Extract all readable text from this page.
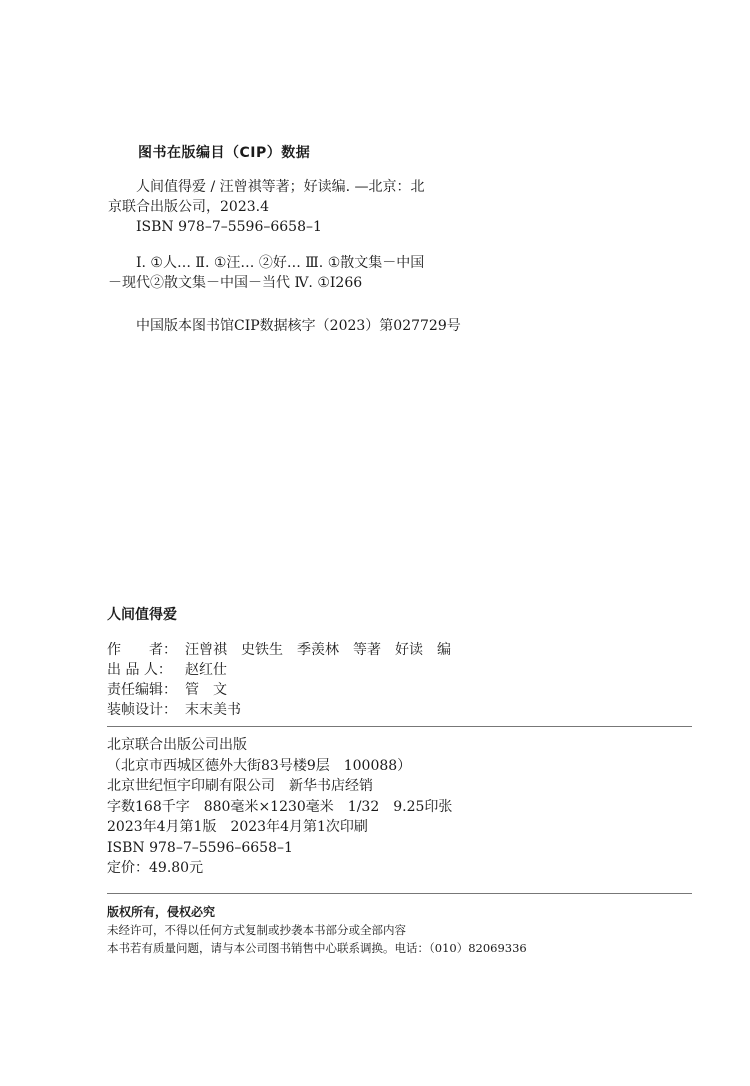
图书在版编目（CIP）数据
人间值得爱 / 汪曾祺等著；好读编. —北京：北
京联合出版公司，2023.4
ISBN 978–7–5596–6658–1
Ⅰ. ①人… Ⅱ. ①汪… ②好… Ⅲ. ①散文集－中国
－现代②散文集－中国－当代 Ⅳ. ①I266
中国版本图书馆CIP数据核字（2023）第027729号
人间值得爱
作　　者： 汪曾祺　史铁生　季羡林　等著　好读　编
出 品 人： 赵红仕
责任编辑： 管　文
装帧设计： 末末美书
北京联合出版公司出版
（北京市西城区德外大街83号楼9层　100088）
北京世纪恒宇印刷有限公司　新华书店经销
字数168千字　880毫米×1230毫米　1/32　9.25印张
2023年4月第1版　2023年4月第1次印刷
ISBN 978–7–5596–6658–1
定价：49.80元
版权所有，侵权必究
未经许可，不得以任何方式复制或抄袭本书部分或全部内容
本书若有质量问题，请与本公司图书销售中心联系调换。电话：（010）82069336
